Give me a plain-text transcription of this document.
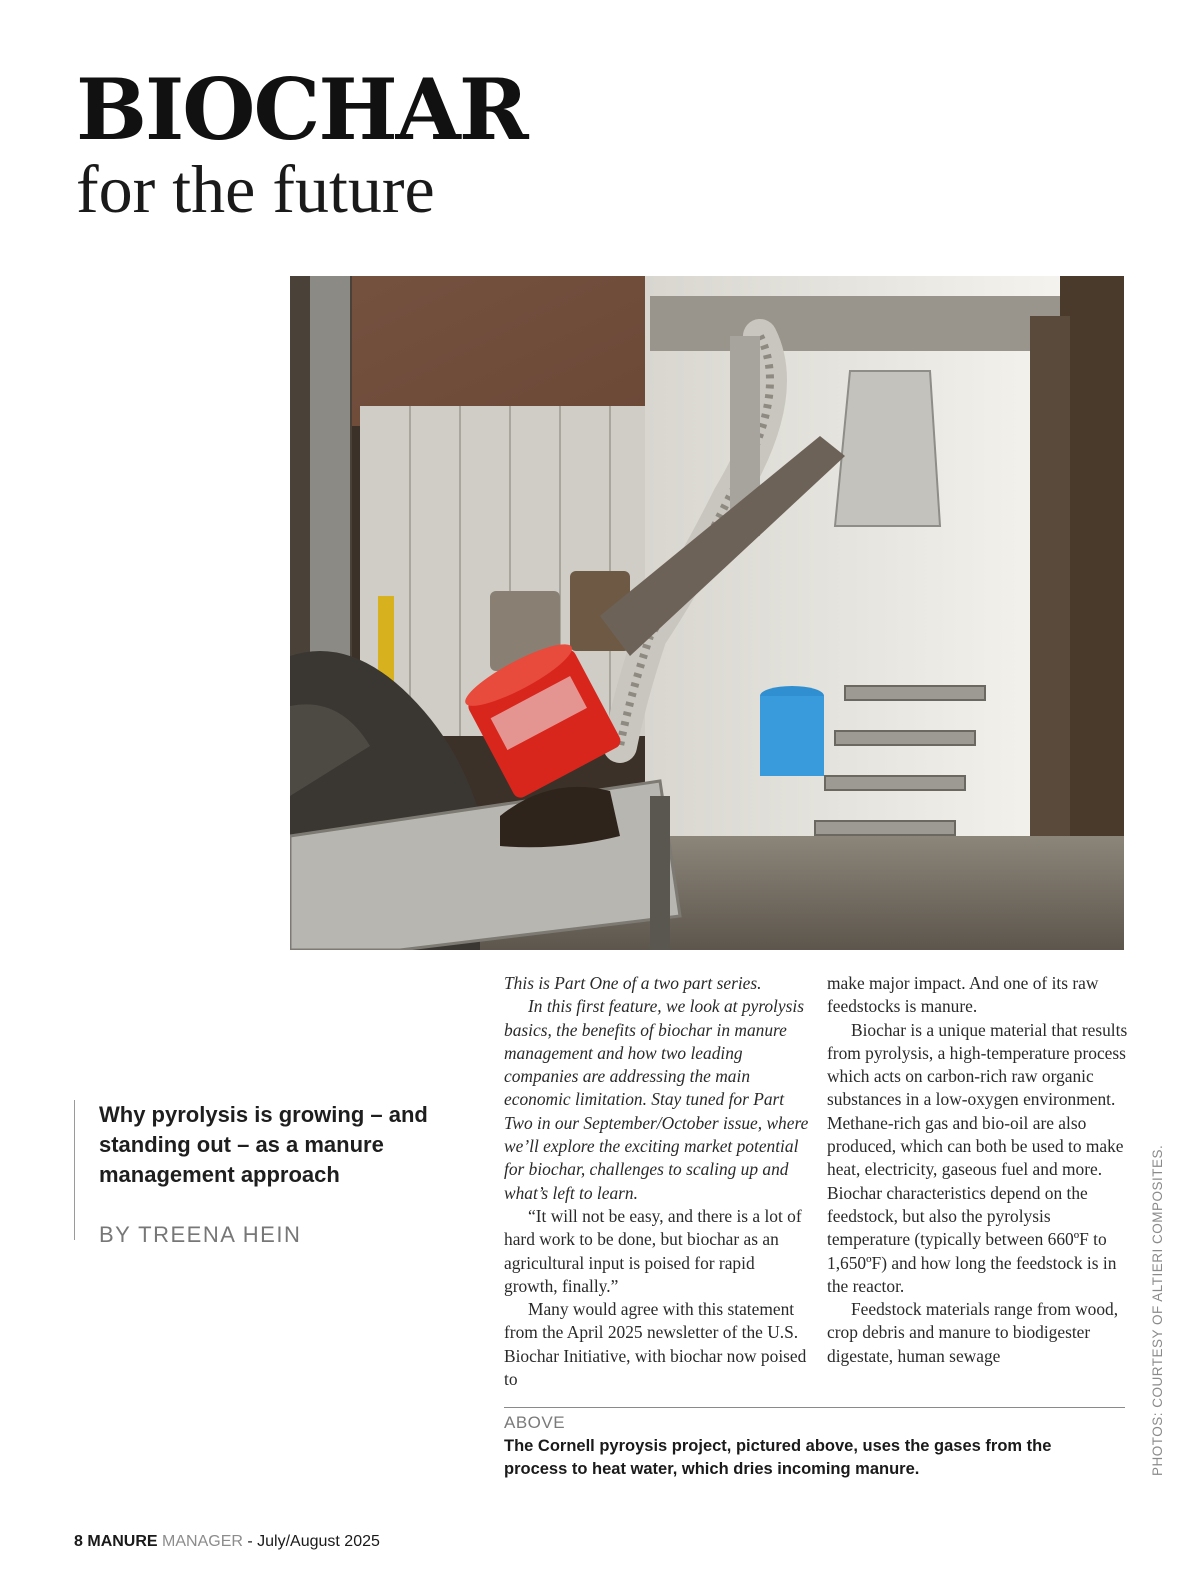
BIOCHAR
for the future

Why pyrolysis is growing – and standing out – as a manure management approach

BY TREENA HEIN

This is Part One of a two part series.

In this first feature, we look at pyrolysis basics, the benefits of biochar in manure management and how two leading companies are addressing the main economic limitation. Stay tuned for Part Two in our September/October issue, where we’ll explore the exciting market potential for biochar, challenges to scaling up and what’s left to learn.

“It will not be easy, and there is a lot of hard work to be done, but biochar as an agricultural input is poised for rapid growth, finally.”

Many would agree with this statement from the April 2025 newsletter of the U.S. Biochar Initiative, with biochar now poised to

make major impact. And one of its raw feedstocks is manure.

Biochar is a unique material that results from pyrolysis, a high-temperature process which acts on carbon-rich raw organic substances in a low-oxygen environment. Methane-rich gas and bio-oil are also produced, which can both be used to make heat, electricity, gaseous fuel and more. Biochar characteristics depend on the feedstock, but also the pyrolysis temperature (typically between 660ºF to 1,650ºF) and how long the feedstock is in the reactor.

Feedstock materials range from wood, crop debris and manure to biodigester digestate, human sewage

ABOVE

The Cornell pyroysis project, pictured above, uses the gases from the process to heat water, which dries incoming manure.	PHOTOS: COURTESY OF ALTIERI COMPOSITES.
8 MANURE MANAGER - July/August 2025
